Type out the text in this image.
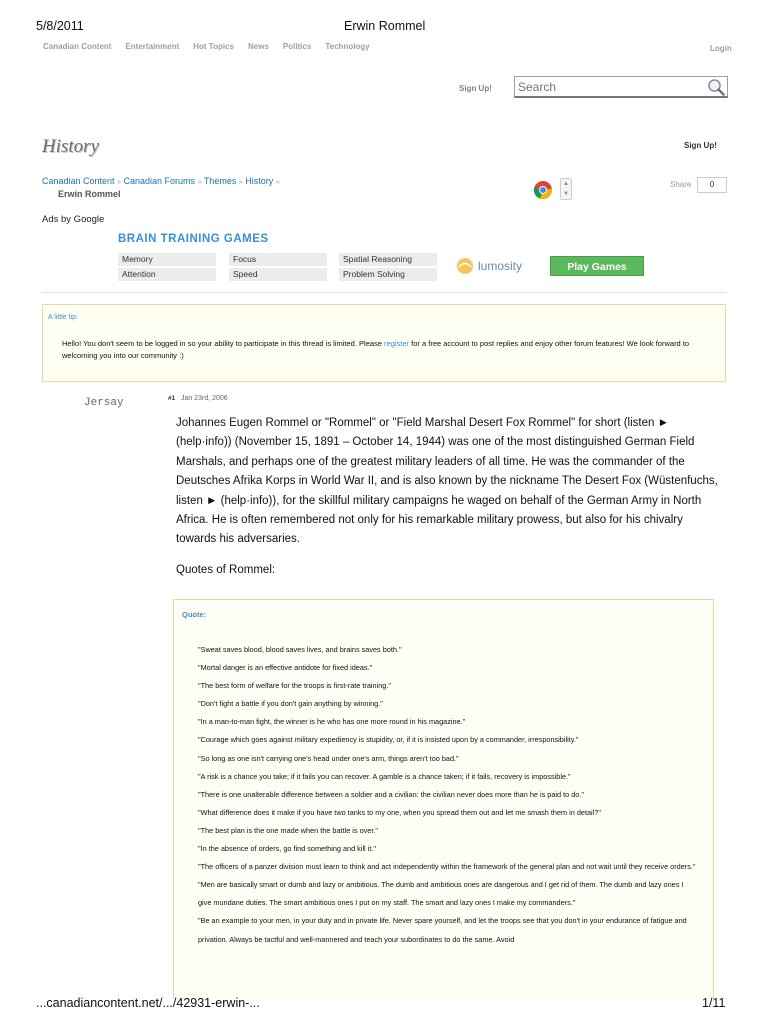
5/8/2011	Erwin Rommel
Canadian Content Entertainment Hot Topics News Politics Technology	Login
Sign Up!
Search
History	Sign Up!
Canadian Content » Canadian Forums » Themes » History »
Erwin Rommel
▲
▼
Share	0
Ads by Google
BRAIN TRAINING GAMES
Memory	Focus	Spatial Reasoning
Attention	Speed	Problem Solving
lumosity	Play Games
A little tip:
Hello! You don't seem to be logged in so your ability to participate in this thread is limited. Please register for a free account to post replies and enjoy other forum features! We look forward to welcoming you into our community :)
Jersay	#1 Jan 23rd, 2006
Johannes Eugen Rommel or "Rommel" or "Field Marshal Desert Fox Rommel" for short (listen ► (help·info)) (November 15, 1891 – October 14, 1944) was one of the most distinguished German Field Marshals, and perhaps one of the greatest military leaders of all time. He was the commander of the Deutsches Afrika Korps in World War II, and is also known by the nickname The Desert Fox (Wüstenfuchs, listen ► (help·info)), for the skillful military campaigns he waged on behalf of the German Army in North Africa. He is often remembered not only for his remarkable military prowess, but also for his chivalry towards his adversaries.
Quotes of Rommel:
Quote:
"Sweat saves blood, blood saves lives, and brains saves both."
"Mortal danger is an effective antidote for fixed ideas."
"The best form of welfare for the troops is first-rate training."
"Don't fight a battle if you don't gain anything by winning."
"In a man-to-man fight, the winner is he who has one more round in his magazine."
"Courage which goes against military expediency is stupidity, or, if it is insisted upon by a commander, irresponsibility."
"So long as one isn't carrying one's head under one's arm, things aren't too bad."
"A risk is a chance you take; if it fails you can recover. A gamble is a chance taken; if it fails, recovery is impossible."
"There is one unalterable difference between a soldier and a civilian: the civilian never does more than he is paid to do."
"What difference does it make if you have two tanks to my one, when you spread them out and let me smash them in detail?"
"The best plan is the one made when the battle is over."
"In the absence of orders, go find something and kill it."
"The officers of a panzer division must learn to think and act independently within the framework of the general plan and not wait until they receive orders."
"Men are basically smart or dumb and lazy or ambitious. The dumb and ambitious ones are dangerous and I get rid of them. The dumb and lazy ones I give mundane duties. The smart ambitious ones I put on my staff. The smart and lazy ones I make my commanders."
"Be an example to your men, in your duty and in private life. Never spare yourself, and let the troops see that you don't in your endurance of fatigue and privation. Always be tactful and well-mannered and teach your subordinates to do the same. Avoid
...canadiancontent.net/.../42931-erwin-...	1/11
